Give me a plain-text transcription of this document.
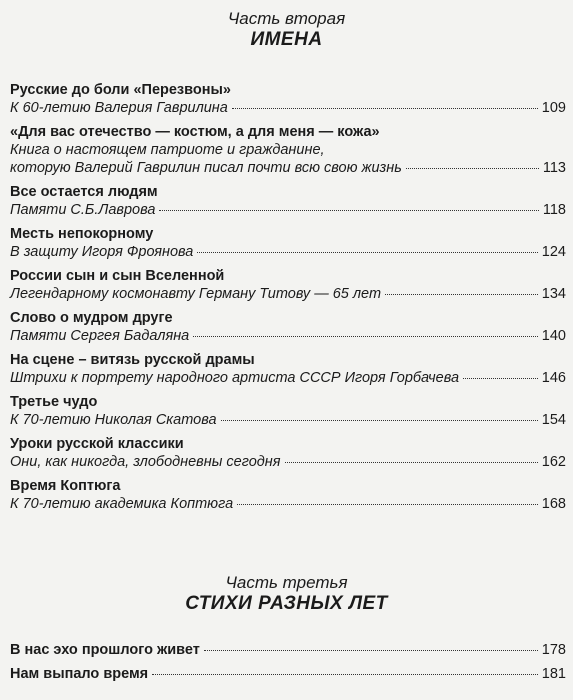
Часть вторая
ИМЕНА
Русские до боли «Перезвоны»
К 60-летию Валерия Гаврилина	109
«Для вас отечество — костюм, а для меня — кожа»
Книга о настоящем патриоте и гражданине,
которую Валерий Гаврилин писал почти всю свою жизнь	113
Все остается людям
Памяти С.Б.Лаврова	118
Месть непокорному
В защиту Игоря Фроянова	124
России сын и сын Вселенной
Легендарному космонавту Герману Титову — 65 лет	134
Слово о мудром друге
Памяти Сергея Бадаляна	140
На сцене – витязь русской драмы
Штрихи к портрету народного артиста СССР Игоря Горбачева	146
Третье чудо
К 70-летию Николая Скатова	154
Уроки русской классики
Они, как никогда, злободневны сегодня	162
Время Коптюга
К 70-летию академика Коптюга	168
Часть третья
СТИХИ РАЗНЫХ ЛЕТ
В нас эхо прошлого живет	178
Нам выпало время	181
